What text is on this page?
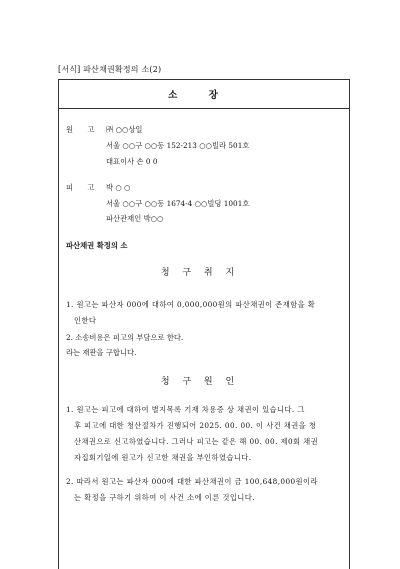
[서식] 파산채권확정의 소(2)
소 장
원 고 ㈜ ○○상일
서울 ○○구 ○○동 152-213 ○○빌라 501호
대표이사 손 0 0
피 고 박 ○ ○
서울 ○○구 ○○동 1674-4 ○○빌딩 1001호
파산관재인 박○○
파산채권 확정의 소
청 구 취 지
1. 원고는 파산자 000에 대하여 0,000,000원의 파산채권이 존재함을 확
인한다
2. 소송비용은 피고의 부담으로 한다.
라는 재판을 구합니다.
청 구 원 인
1. 원고는 피고에 대하여 별지목록 기재 차용증 상 채권이 있습니다. 그
후 피고에 대한 청산절차가 진행되어 2025. 00. 00. 이 사건 채권을 청
산채권으로 신고하였습니다. 그러나 피고는 같은 해 00. 00. 제0회 채권
자집회기일에 원고가 신고한 채권을 부인하였습니다.
2. 따라서 원고는 파산자 000에 대한 파산채권이 금 100,648,000원이라
는 확정을 구하기 위하여 이 사건 소에 이른 것입니다.
